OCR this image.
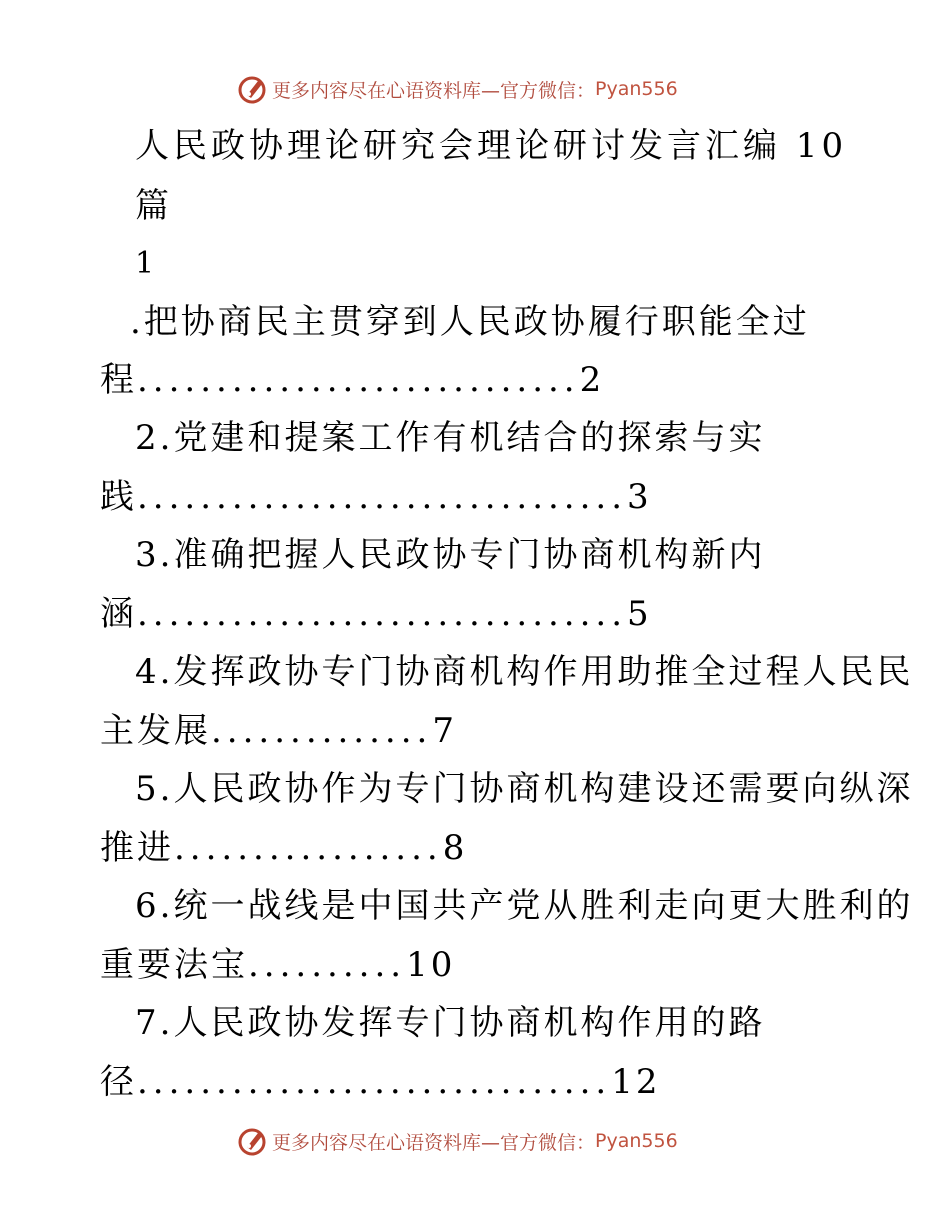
更多内容尽在心语资料库—官方微信： Pyan556
人民政协理论研究会理论研讨发言汇编 10
篇
1
.把协商民主贯穿到人民政协履行职能全过
程............................2
2.党建和提案工作有机结合的探索与实
践...............................3
3.准确把握人民政协专门协商机构新内
涵...............................5
4.发挥政协专门协商机构作用助推全过程人民民
主发展..............7
5.人民政协作为专门协商机构建设还需要向纵深
推进.................8
6.统一战线是中国共产党从胜利走向更大胜利的
重要法宝..........10
7.人民政协发挥专门协商机构作用的路
径..............................12
更多内容尽在心语资料库—官方微信： Pyan556
